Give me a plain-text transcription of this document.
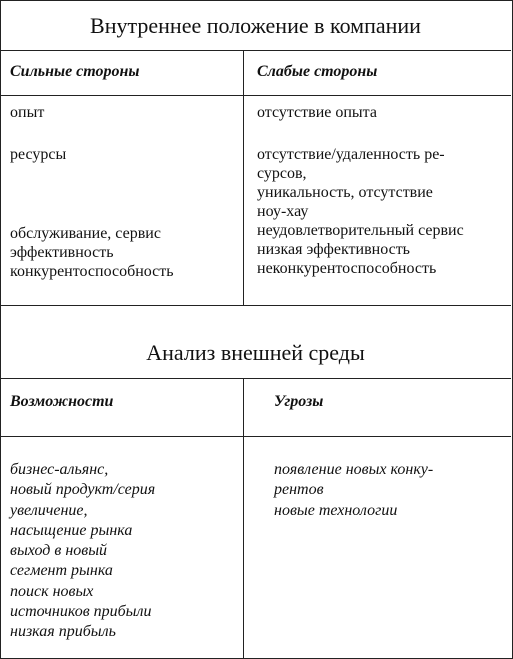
Внутреннее положение в компании
Сильные стороны	Слабые стороны
опыт
ресурсы
обслуживание, сервис
эффективность
конкурентоспособность
отсутствие опыта
отсутствие/удаленность ре-
сурсов,
уникальность, отсутствие
ноу-хау
неудовлетворительный сервис
низкая эффективность
неконкурентоспособность
Анализ внешней среды
Возможности	Угрозы
бизнес-альянс,
новый продукт/серия
увеличение,
насыщение рынка
выход в новый
сегмент рынка
поиск новых
источников прибыли
низкая прибыль
появление новых конку-
рентов
новые технологии
